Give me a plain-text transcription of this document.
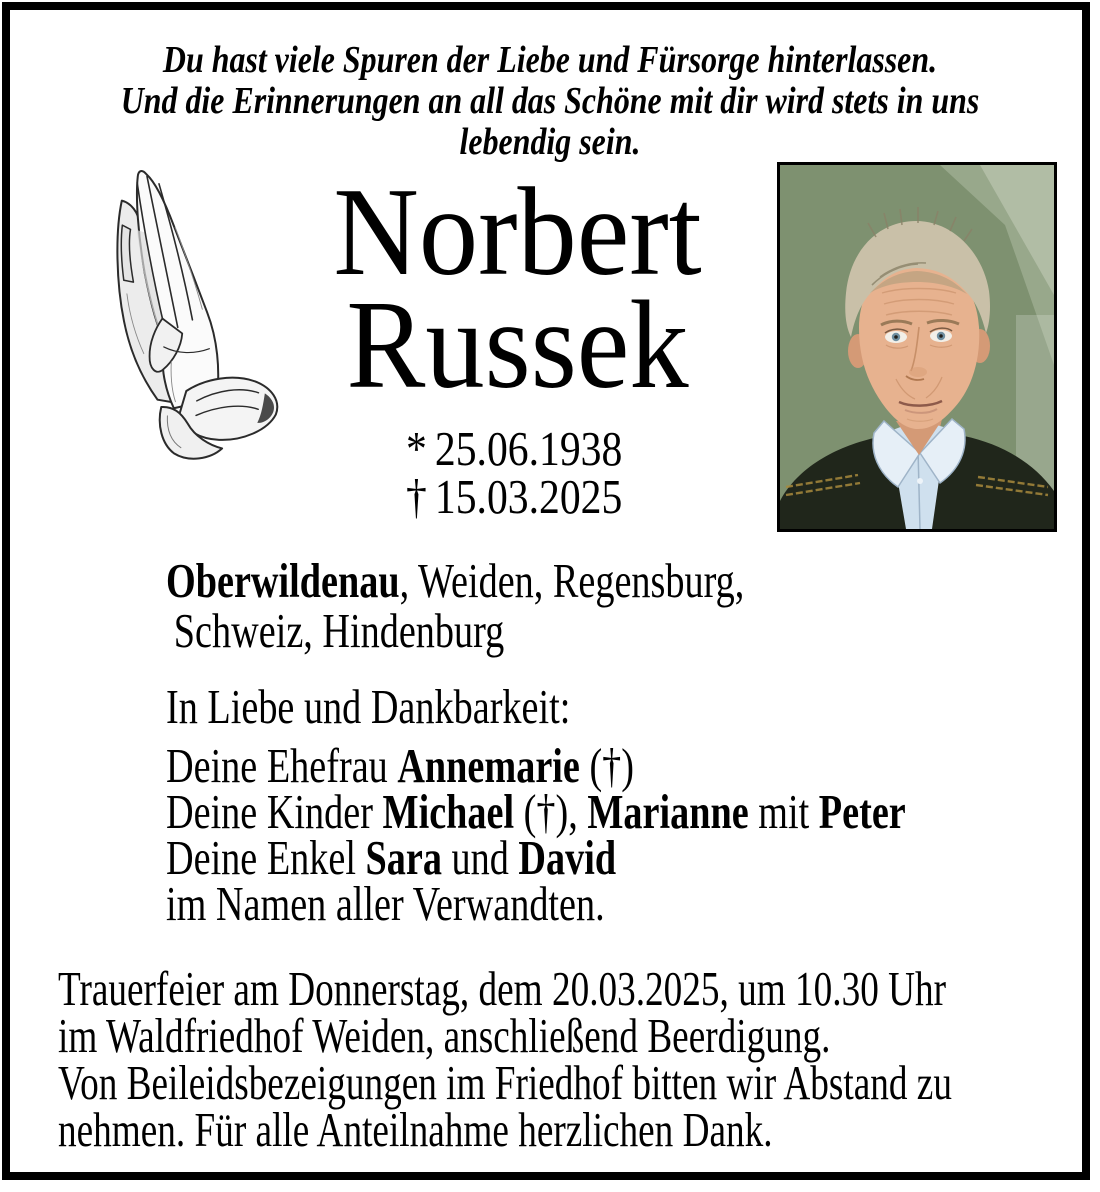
Du hast viele Spuren der Liebe und Fürsorge hinterlassen.
Und die Erinnerungen an all das Schöne mit dir wird stets in uns
lebendig sein.
Norbert
Russek
* 25.06.1938
† 15.03.2025
Oberwildenau, Weiden, Regensburg,
Schweiz, Hindenburg
In Liebe und Dankbarkeit:
Deine Ehefrau Annemarie (†)
Deine Kinder Michael (†), Marianne mit Peter
Deine Enkel Sara und David
im Namen aller Verwandten.
Trauerfeier am Donnerstag, dem 20.03.2025, um 10.30 Uhr
im Waldfriedhof Weiden, anschließend Beerdigung.
Von Beileidsbezeigungen im Friedhof bitten wir Abstand zu
nehmen. Für alle Anteilnahme herzlichen Dank.
